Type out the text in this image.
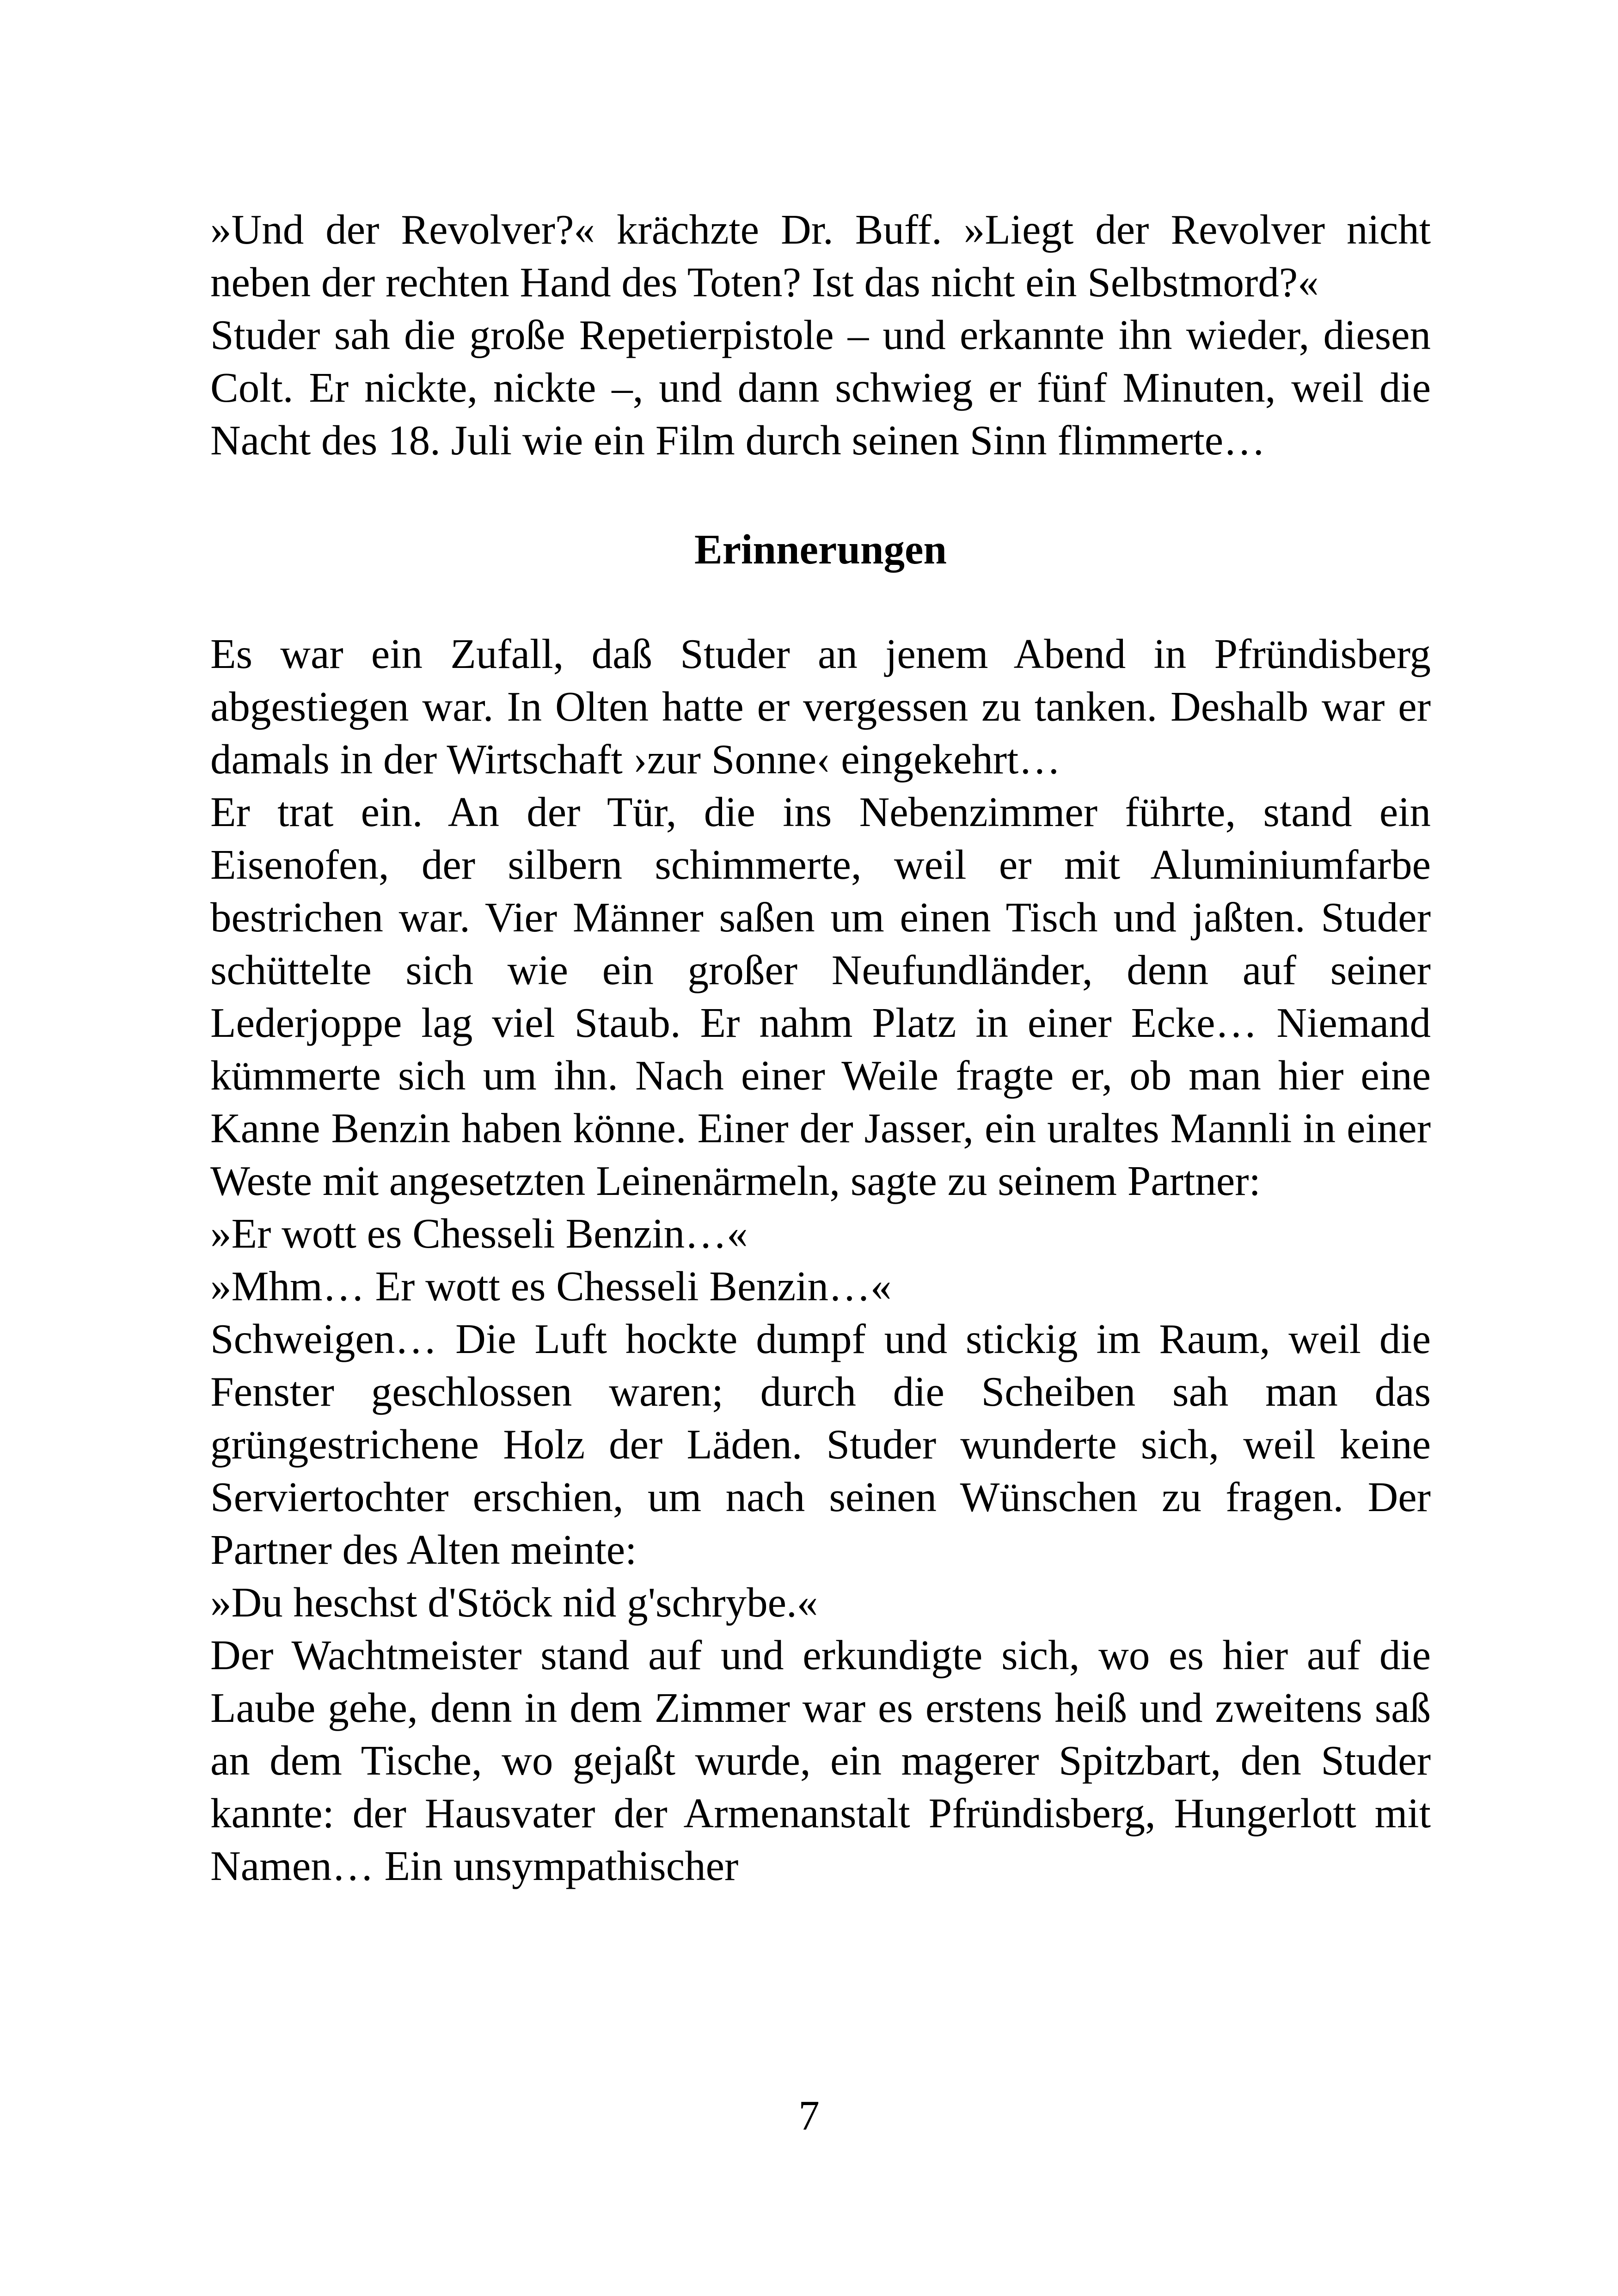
»Und der Revolver?« krächzte Dr. Buff. »Liegt der Revolver nicht neben der rechten Hand des Toten? Ist das nicht ein Selbstmord?«

Studer sah die große Repetierpistole – und erkannte ihn wieder, diesen Colt. Er nickte, nickte –, und dann schwieg er fünf Minuten, weil die Nacht des 18. Juli wie ein Film durch seinen Sinn flimmerte…

Erinnerungen

Es war ein Zufall, daß Studer an jenem Abend in Pfründisberg abgestiegen war. In Olten hatte er vergessen zu tanken. Deshalb war er damals in der Wirtschaft ›zur Sonne‹ eingekehrt…

Er trat ein. An der Tür, die ins Nebenzimmer führte, stand ein Eisenofen, der silbern schimmerte, weil er mit Aluminiumfarbe bestrichen war. Vier Männer saßen um einen Tisch und jaßten. Studer schüttelte sich wie ein großer Neufundländer, denn auf seiner Lederjoppe lag viel Staub. Er nahm Platz in einer Ecke… Niemand kümmerte sich um ihn. Nach einer Weile fragte er, ob man hier eine Kanne Benzin haben könne. Einer der Jasser, ein uraltes Mannli in einer Weste mit angesetzten Leinenärmeln, sagte zu seinem Partner:

»Er wott es Chesseli Benzin…«

»Mhm… Er wott es Chesseli Benzin…«

Schweigen… Die Luft hockte dumpf und stickig im Raum, weil die Fenster geschlossen waren; durch die Scheiben sah man das grüngestrichene Holz der Läden. Studer wunderte sich, weil keine Serviertochter erschien, um nach seinen Wünschen zu fragen. Der Partner des Alten meinte:

»Du heschst d'Stöck nid g'schrybe.«

Der Wachtmeister stand auf und erkundigte sich, wo es hier auf die Laube gehe, denn in dem Zimmer war es erstens heiß und zweitens saß an dem Tische, wo gejaßt wurde, ein magerer Spitzbart, den Studer kannte: der Hausvater der Armenanstalt Pfründisberg, Hungerlott mit Namen… Ein unsympathischer

7
